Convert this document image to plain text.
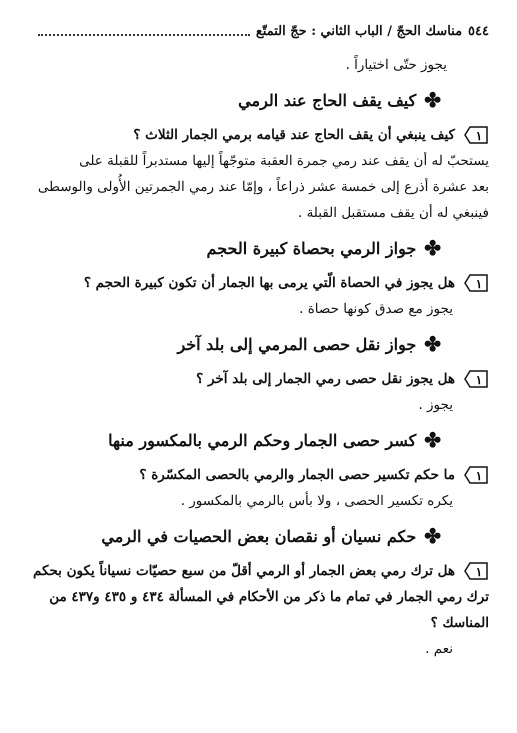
٥٤٤
مناسك الحجّ / الباب الثاني : حجّ التمتّع

يجوز حتّى اختياراً .

✤
كيف يقف الحاج عند الرمي
١
كيف ينبغي أن يقف الحاج عند قيامه برمي الجمار الثلاث ؟

يستحبّ له أن يقف عند رمي جمرة العقبة متوجّهاً إليها مستدبراً للقبلة على

بعد عشرة أذرع إلى خمسة عشر ذراعاً ، وإمّا عند رمي الجمرتين الأُولى والوسطى

فينبغي له أن يقف مستقبل القبلة .

✤
جواز الرمي بحصاة كبيرة الحجم
١
هل يجوز في الحصاة الّتي يرمى بها الجمار أن تكون كبيرة الحجم ؟
يجوز مع صدق كونها حصاة .
✤
جواز نقل حصى المرمي إلى بلد آخر
١
هل يجوز نقل حصى رمي الجمار إلى بلد آخر ؟
يجوز .
✤
كسر حصى الجمار وحكم الرمي بالمكسور منها
١
ما حكم تكسير حصى الجمار والرمي بالحصى المكسّرة ؟
يكره تكسير الحصى ، ولا بأس بالرمي بالمكسور .
✤
حكم نسيان أو نقصان بعض الحصيات في الرمي
١
هل ترك رمي بعض الجمار أو الرمي أقلّ من سبع حصيّات نسياناً يكون بحكم
ترك رمي الجمار في تمام ما ذكر من الأحكام في المسألة ٤٣٤ و ٤٣٥ و٤٣٧ من
المناسك ؟
نعم .
